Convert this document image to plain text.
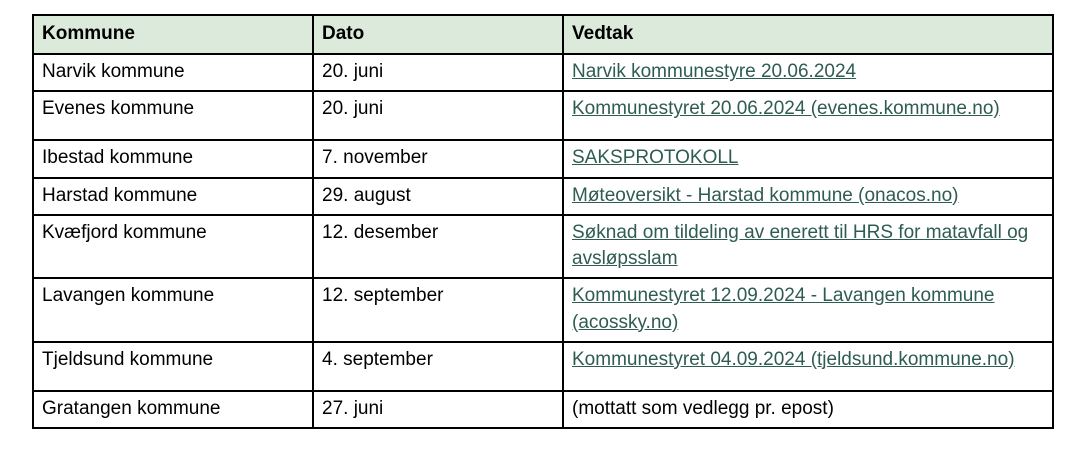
Kommune	Dato	Vedtak
Narvik kommune	20. juni	Narvik kommunestyre 20.06.2024
Evenes kommune	20. juni	Kommunestyret 20.06.2024 (evenes.kommune.no)
Ibestad kommune	7. november	SAKSPROTOKOLL
Harstad kommune	29. august	Møteoversikt - Harstad kommune (onacos.no)
Kvæfjord kommune	12. desember	Søknad om tildeling av enerett til HRS for matavfall og avsløpsslam
Lavangen kommune	12. september	Kommunestyret 12.09.2024 - Lavangen kommune (acossky.no)
Tjeldsund kommune	4. september	Kommunestyret 04.09.2024 (tjeldsund.kommune.no)
Gratangen kommune	27. juni	(mottatt som vedlegg pr. epost)
